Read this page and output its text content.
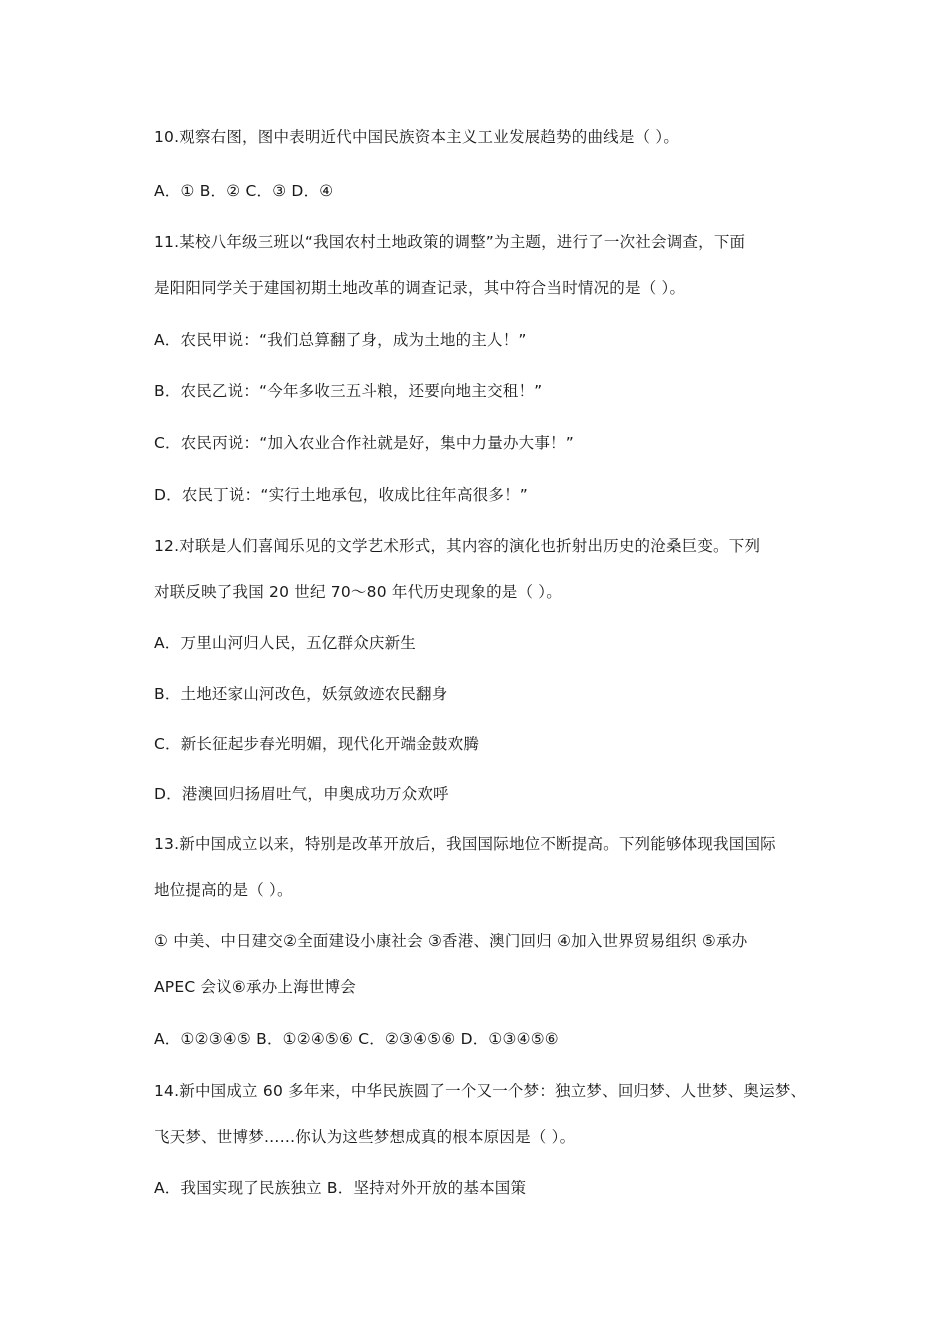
10.观察右图，图中表明近代中国民族资本主义工业发展趋势的曲线是（ ）。
A．① B．② C．③ D．④
11.某校八年级三班以“我国农村土地政策的调整”为主题，进行了一次社会调查，下面
是阳阳同学关于建国初期土地改革的调查记录，其中符合当时情况的是（ ）。
A．农民甲说：“我们总算翻了身，成为土地的主人！”
B．农民乙说：“今年多收三五斗粮，还要向地主交租！”
C．农民丙说：“加入农业合作社就是好，集中力量办大事！”
D．农民丁说：“实行土地承包，收成比往年高很多！”
12.对联是人们喜闻乐见的文学艺术形式，其内容的演化也折射出历史的沧桑巨变。下列
对联反映了我国 20 世纪 70～80 年代历史现象的是（ ）。
A．万里山河归人民，五亿群众庆新生
B．土地还家山河改色，妖氛敛迹农民翻身
C．新长征起步春光明媚，现代化开端金鼓欢腾
D．港澳回归扬眉吐气，申奥成功万众欢呼
13.新中国成立以来，特别是改革开放后，我国国际地位不断提高。下列能够体现我国国际
地位提高的是（ ）。
① 中美、中日建交②全面建设小康社会 ③香港、澳门回归 ④加入世界贸易组织 ⑤承办
APEC 会议⑥承办上海世博会
A．①②③④⑤ B．①②④⑤⑥ C．②③④⑤⑥ D．①③④⑤⑥
14.新中国成立 60 多年来，中华民族圆了一个又一个梦：独立梦、回归梦、人世梦、奥运梦、
飞天梦、世博梦……你认为这些梦想成真的根本原因是（ ）。
A．我国实现了民族独立 B．坚持对外开放的基本国策
